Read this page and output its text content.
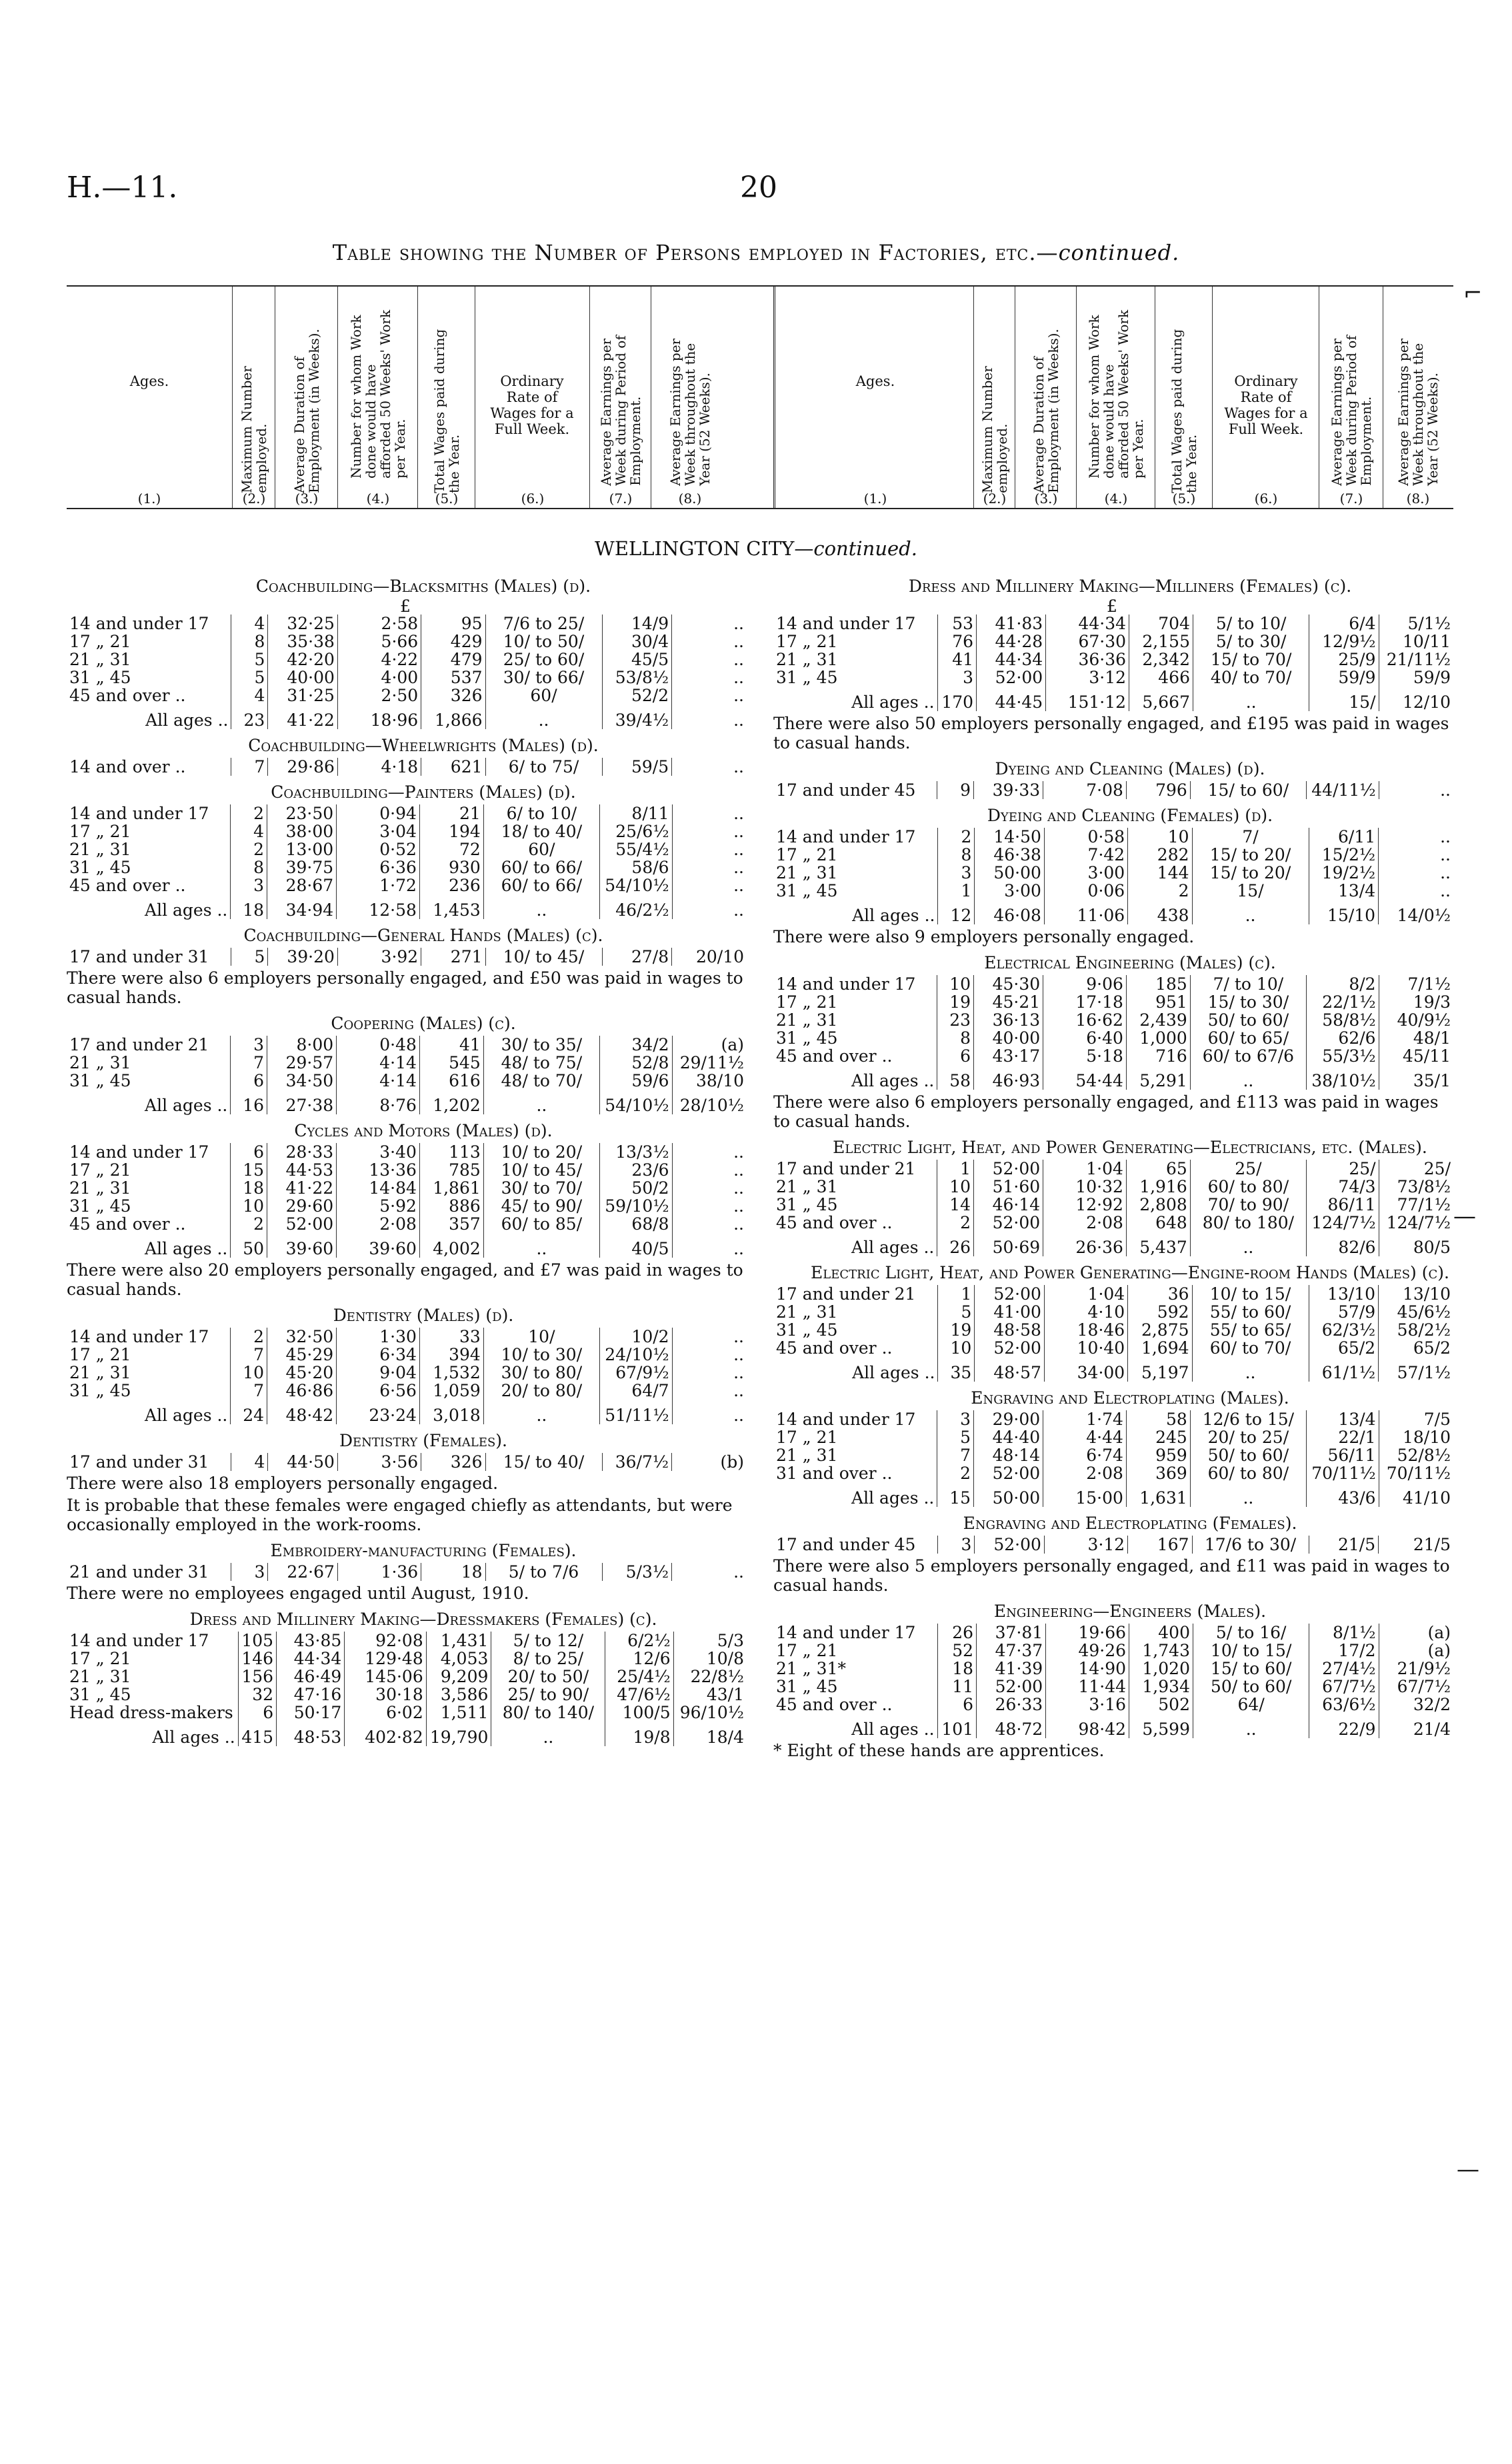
H.—11.	20
Table showing the Number of Persons employed in Factories, etc.—continued.
Ages.
(1.)
Maximum Number employed.
(2.)
Average Duration of Employment (in Weeks).
(3.)
Number for whom Work done would have afforded 50 Weeks' Work per Year.
(4.)
Total Wages paid during the Year.
(5.)
Ordinary Rate of Wages for a Full Week.
(6.)
Average Earnings per Week during Period of Employment.
(7.)
Average Earnings per Week throughout the Year (52 Weeks).
(8.)
Ages.
(1.)
Maximum Number employed.
(2.)
Average Duration of Employment (in Weeks).
(3.)
Number for whom Work done would have afforded 50 Weeks' Work per Year.
(4.)
Total Wages paid during the Year.
(5.)
Ordinary Rate of Wages for a Full Week.
(6.)
Average Earnings per Week during Period of Employment.
(7.)
Average Earnings per Week throughout the Year (52 Weeks).
(8.)
WELLINGTON CITY—continued.
Coachbuilding—Blacksmiths (Males) (d).
£
14 and under 17	4	32·25	2·58	95	7/6 to 25/	14/9	..
17 „ 21	8	35·38	5·66	429	10/ to 50/	30/4	..
21 „ 31	5	42·20	4·22	479	25/ to 60/	45/5	..
31 „ 45	5	40·00	4·00	537	30/ to 66/	53/8½	..
45 and over ..	4	31·25	2·50	326	60/	52/2	..
All ages ..	23	41·22	18·96	1,866	..	39/4½	..
Coachbuilding—Wheelwrights (Males) (d).
14 and over ..	7	29·86	4·18	621	6/ to 75/	59/5	..
Coachbuilding—Painters (Males) (d).
14 and under 17	2	23·50	0·94	21	6/ to 10/	8/11	..
17 „ 21	4	38·00	3·04	194	18/ to 40/	25/6½	..
21 „ 31	2	13·00	0·52	72	60/	55/4½	..
31 „ 45	8	39·75	6·36	930	60/ to 66/	58/6	..
45 and over ..	3	28·67	1·72	236	60/ to 66/	54/10½	..
All ages ..	18	34·94	12·58	1,453	..	46/2½	..
Coachbuilding—General Hands (Males) (c).
17 and under 31	5	39·20	3·92	271	10/ to 45/	27/8	20/10
There were also 6 employers personally engaged, and £50 was paid in wages to casual hands.
Coopering (Males) (c).
17 and under 21	3	8·00	0·48	41	30/ to 35/	34/2	(a)
21 „ 31	7	29·57	4·14	545	48/ to 75/	52/8	29/11½
31 „ 45	6	34·50	4·14	616	48/ to 70/	59/6	38/10
All ages ..	16	27·38	8·76	1,202	..	54/10½	28/10½
Cycles and Motors (Males) (d).
14 and under 17	6	28·33	3·40	113	10/ to 20/	13/3½	..
17 „ 21	15	44·53	13·36	785	10/ to 45/	23/6	..
21 „ 31	18	41·22	14·84	1,861	30/ to 70/	50/2	..
31 „ 45	10	29·60	5·92	886	45/ to 90/	59/10½	..
45 and over ..	2	52·00	2·08	357	60/ to 85/	68/8	..
All ages ..	50	39·60	39·60	4,002	..	40/5	..
There were also 20 employers personally engaged, and £7 was paid in wages to casual hands.
Dentistry (Males) (d).
14 and under 17	2	32·50	1·30	33	10/	10/2	..
17 „ 21	7	45·29	6·34	394	10/ to 30/	24/10½	..
21 „ 31	10	45·20	9·04	1,532	30/ to 80/	67/9½	..
31 „ 45	7	46·86	6·56	1,059	20/ to 80/	64/7	..
All ages ..	24	48·42	23·24	3,018	..	51/11½	..
Dentistry (Females).
17 and under 31	4	44·50	3·56	326	15/ to 40/	36/7½	(b)
There were also 18 employers personally engaged.
It is probable that these females were engaged chiefly as attendants, but were occasionally employed in the work-rooms.
Embroidery-manufacturing (Females).
21 and under 31	3	22·67	1·36	18	5/ to 7/6	5/3½	..
There were no employees engaged until August, 1910.
Dress and Millinery Making—Dressmakers (Females) (c).
14 and under 17	105	43·85	92·08	1,431	5/ to 12/	6/2½	5/3
17 „ 21	146	44·34	129·48	4,053	8/ to 25/	12/6	10/8
21 „ 31	156	46·49	145·06	9,209	20/ to 50/	25/4½	22/8½
31 „ 45	32	47·16	30·18	3,586	25/ to 90/	47/6½	43/1
Head dress-makers	6	50·17	6·02	1,511	80/ to 140/	100/5	96/10½
All ages ..	415	48·53	402·82	19,790	..	19/8	18/4
Dress and Millinery Making—Milliners (Females) (c).
£
14 and under 17	53	41·83	44·34	704	5/ to 10/	6/4	5/1½
17 „ 21	76	44·28	67·30	2,155	5/ to 30/	12/9½	10/11
21 „ 31	41	44·34	36·36	2,342	15/ to 70/	25/9	21/11½
31 „ 45	3	52·00	3·12	466	40/ to 70/	59/9	59/9
All ages ..	170	44·45	151·12	5,667	..	15/	12/10
There were also 50 employers personally engaged, and £195 was paid in wages to casual hands.
Dyeing and Cleaning (Males) (d).
17 and under 45	9	39·33	7·08	796	15/ to 60/	44/11½	..
Dyeing and Cleaning (Females) (d).
14 and under 17	2	14·50	0·58	10	7/	6/11	..
17 „ 21	8	46·38	7·42	282	15/ to 20/	15/2½	..
21 „ 31	3	50·00	3·00	144	15/ to 20/	19/2½	..
31 „ 45	1	3·00	0·06	2	15/	13/4	..
All ages ..	12	46·08	11·06	438	..	15/10	14/0½
There were also 9 employers personally engaged.
Electrical Engineering (Males) (c).
14 and under 17	10	45·30	9·06	185	7/ to 10/	8/2	7/1½
17 „ 21	19	45·21	17·18	951	15/ to 30/	22/1½	19/3
21 „ 31	23	36·13	16·62	2,439	50/ to 60/	58/8½	40/9½
31 „ 45	8	40·00	6·40	1,000	60/ to 65/	62/6	48/1
45 and over ..	6	43·17	5·18	716	60/ to 67/6	55/3½	45/11
All ages ..	58	46·93	54·44	5,291	..	38/10½	35/1
There were also 6 employers personally engaged, and £113 was paid in wages to casual hands.
Electric Light, Heat, and Power Generating—Electricians, etc. (Males).
17 and under 21	1	52·00	1·04	65	25/	25/	25/
21 „ 31	10	51·60	10·32	1,916	60/ to 80/	74/3	73/8½
31 „ 45	14	46·14	12·92	2,808	70/ to 90/	86/11	77/1½
45 and over ..	2	52·00	2·08	648	80/ to 180/	124/7½	124/7½
All ages ..	26	50·69	26·36	5,437	..	82/6	80/5
Electric Light, Heat, and Power Generating—Engine-room Hands (Males) (c).
17 and under 21	1	52·00	1·04	36	10/ to 15/	13/10	13/10
21 „ 31	5	41·00	4·10	592	55/ to 60/	57/9	45/6½
31 „ 45	19	48·58	18·46	2,875	55/ to 65/	62/3½	58/2½
45 and over ..	10	52·00	10·40	1,694	60/ to 70/	65/2	65/2
All ages ..	35	48·57	34·00	5,197	..	61/1½	57/1½
Engraving and Electroplating (Males).
14 and under 17	3	29·00	1·74	58	12/6 to 15/	13/4	7/5
17 „ 21	5	44·40	4·44	245	20/ to 25/	22/1	18/10
21 „ 31	7	48·14	6·74	959	50/ to 60/	56/11	52/8½
31 and over ..	2	52·00	2·08	369	60/ to 80/	70/11½	70/11½
All ages ..	15	50·00	15·00	1,631	..	43/6	41/10
Engraving and Electroplating (Females).
17 and under 45	3	52·00	3·12	167	17/6 to 30/	21/5	21/5
There were also 5 employers personally engaged, and £11 was paid in wages to casual hands.
Engineering—Engineers (Males).
14 and under 17	26	37·81	19·66	400	5/ to 16/	8/1½	(a)
17 „ 21	52	47·37	49·26	1,743	10/ to 15/	17/2	(a)
21 „ 31*	18	41·39	14·90	1,020	15/ to 60/	27/4½	21/9½
31 „ 45	11	52·00	11·44	1,934	50/ to 60/	67/7½	67/7½
45 and over ..	6	26·33	3·16	502	64/	63/6½	32/2
All ages ..	101	48·72	98·42	5,599	..	22/9	21/4
* Eight of these hands are apprentices.
⌐
—
—
